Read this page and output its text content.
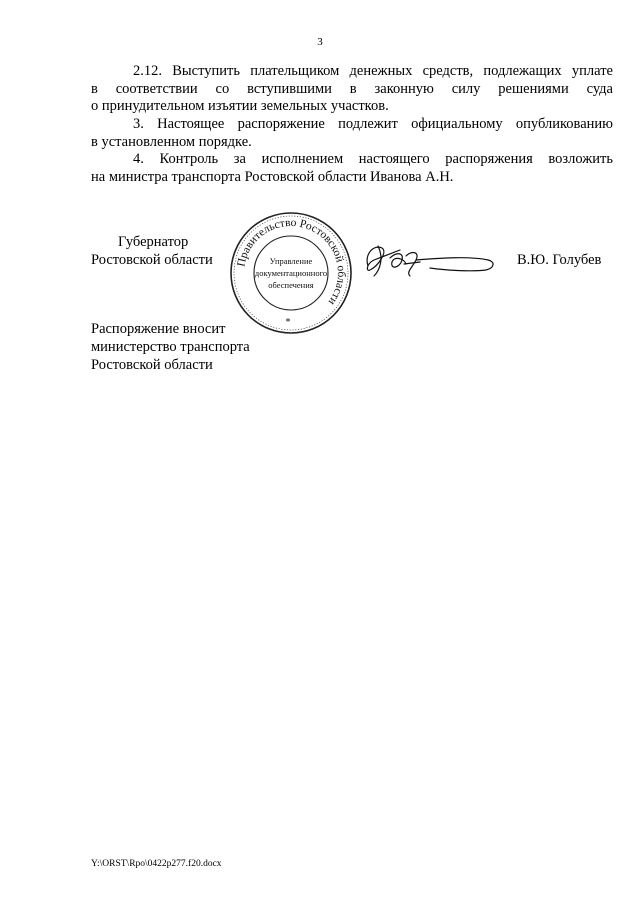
3
2.12. Выступить плательщиком денежных средств, подлежащих уплате
в соответствии со вступившими в законную силу решениями суда
о принудительном изъятии земельных участков.
3. Настоящее распоряжение подлежит официальному опубликованию
в установленном порядке.
4. Контроль за исполнением настоящего распоряжения возложить
на министра транспорта Ростовской области Иванова А.Н.
Губернатор
Ростовской области Правительство Ростовской области
Управление
документационного
обеспечения
*
В.Ю. Голубев
Распоряжение вносит
министерство транспорта
Ростовской области
Y:\ORST\Rpo\0422p277.f20.docx
